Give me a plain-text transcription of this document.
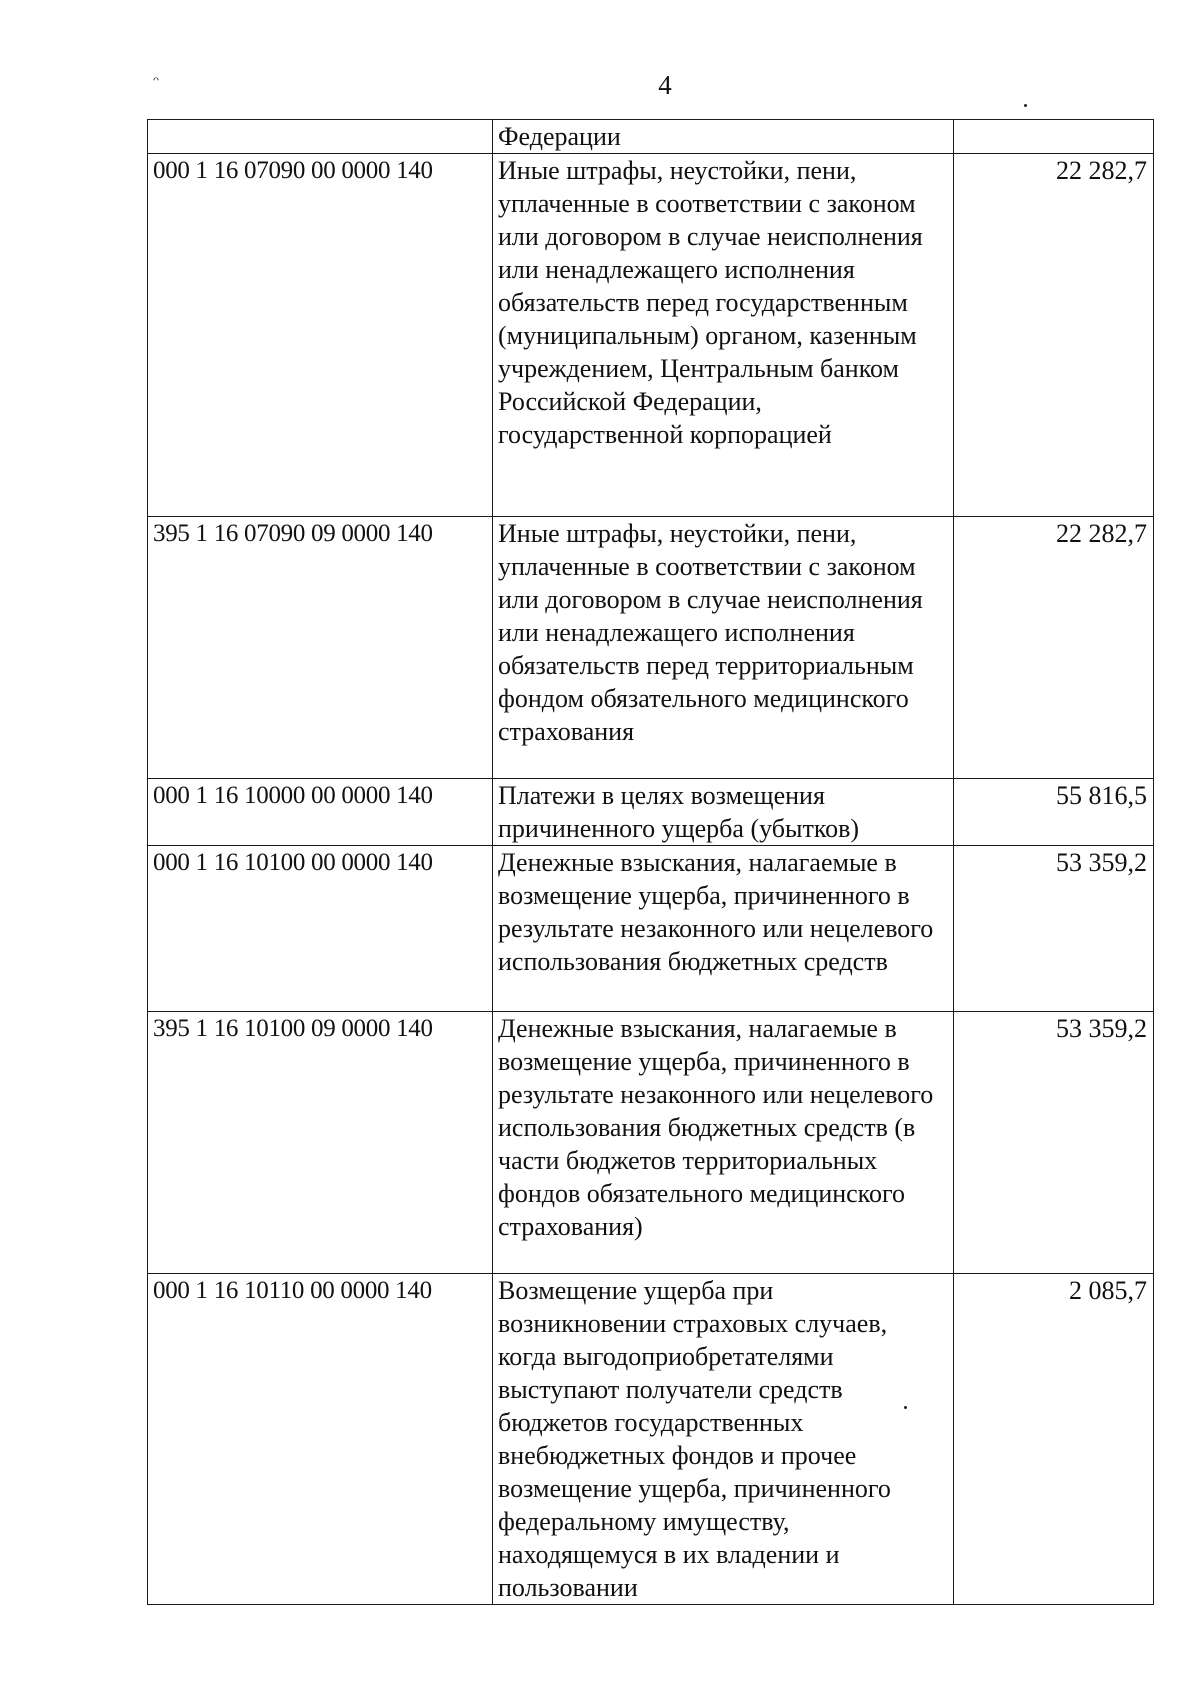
ᴖ	4
	Федерации	
000 1 16 07090 00 0000 140	Иные штрафы, неустойки, пени, уплаченные в соответствии с законом или договором в случае неисполнения или ненадлежащего исполнения обязательств перед государственным (муниципальным) органом, казенным учреждением, Центральным банком Российской Федерации, государственной корпорацией	22 282,7
395 1 16 07090 09 0000 140	Иные штрафы, неустойки, пени, уплаченные в соответствии с законом или договором в случае неисполнения или ненадлежащего исполнения обязательств перед территориальным фондом обязательного медицинского страхования	22 282,7
000 1 16 10000 00 0000 140	Платежи в целях возмещения причиненного ущерба (убытков)	55 816,5
000 1 16 10100 00 0000 140	Денежные взыскания, налагаемые в возмещение ущерба, причиненного в результате незаконного или нецелевого использования бюджетных средств	53 359,2
395 1 16 10100 09 0000 140	Денежные взыскания, налагаемые в возмещение ущерба, причиненного в результате незаконного или нецелевого использования бюджетных средств (в части бюджетов территориальных фондов обязательного медицинского страхования)	53 359,2
000 1 16 10110 00 0000 140	Возмещение ущерба при возникновении страховых случаев, когда выгодоприобретателями выступают получатели средств бюджетов государственных внебюджетных фондов и прочее возмещение ущерба, причиненного федеральному имуществу, находящемуся в их владении и пользовании	2 085,7
